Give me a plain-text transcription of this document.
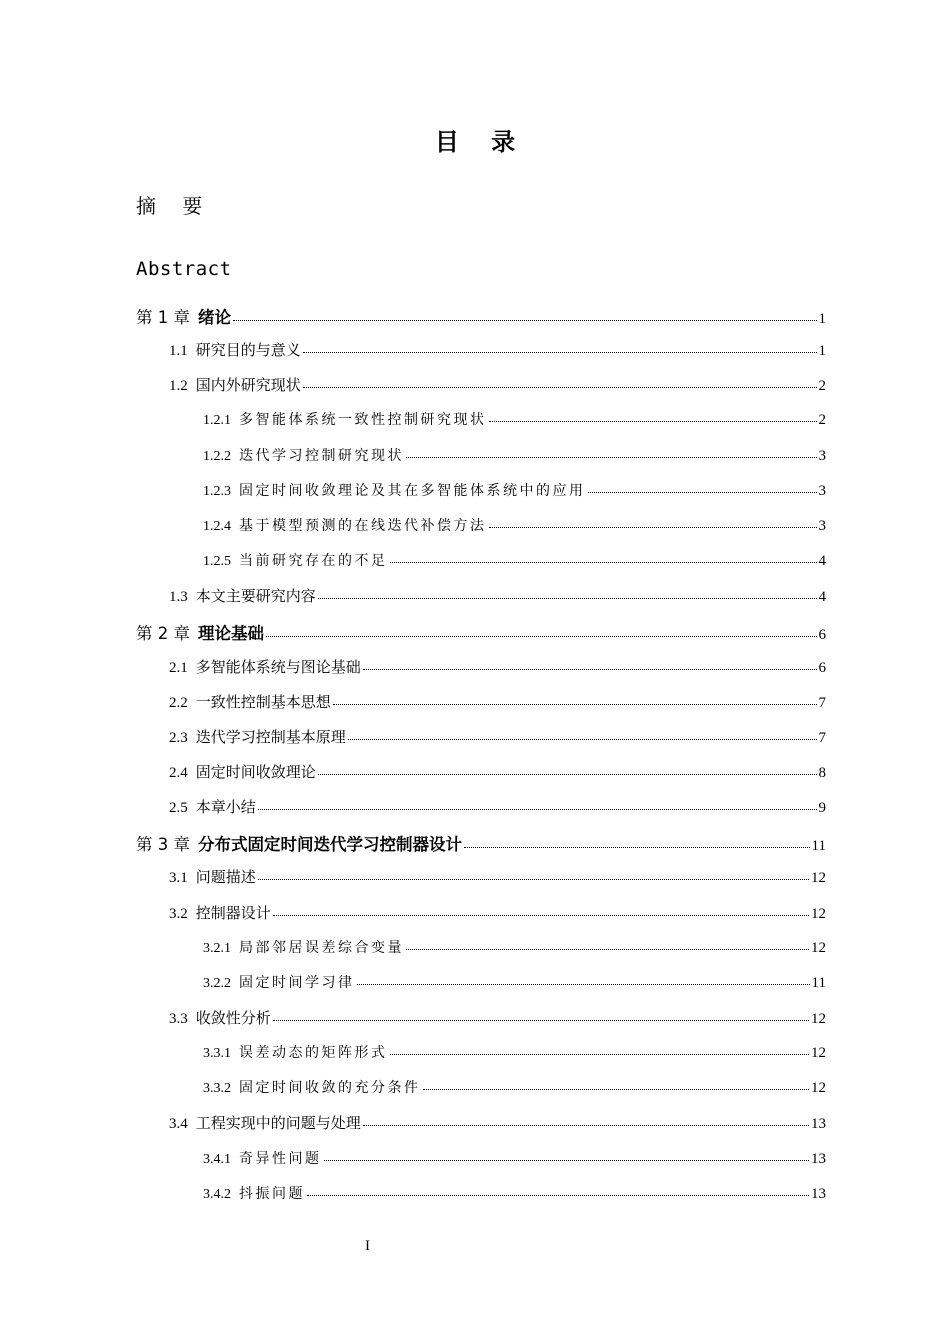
目 录
摘 要
Abstract
第 1 章 绪论	1
1.1 研究目的与意义	1
1.2 国内外研究现状	2
1.2.1 多智能体系统一致性控制研究现状	2
1.2.2 迭代学习控制研究现状	3
1.2.3 固定时间收敛理论及其在多智能体系统中的应用	3
1.2.4 基于模型预测的在线迭代补偿方法	3
1.2.5 当前研究存在的不足	4
1.3 本文主要研究内容	4
第 2 章 理论基础	6
2.1 多智能体系统与图论基础	6
2.2 一致性控制基本思想	7
2.3 迭代学习控制基本原理	7
2.4 固定时间收敛理论	8
2.5 本章小结	9
第 3 章 分布式固定时间迭代学习控制器设计	11
3.1 问题描述	12
3.2 控制器设计	12
3.2.1 局部邻居误差综合变量	12
3.2.2 固定时间学习律	11
3.3 收敛性分析	12
3.3.1 误差动态的矩阵形式	12
3.3.2 固定时间收敛的充分条件	12
3.4 工程实现中的问题与处理	13
3.4.1 奇异性问题	13
3.4.2 抖振问题	13
I
